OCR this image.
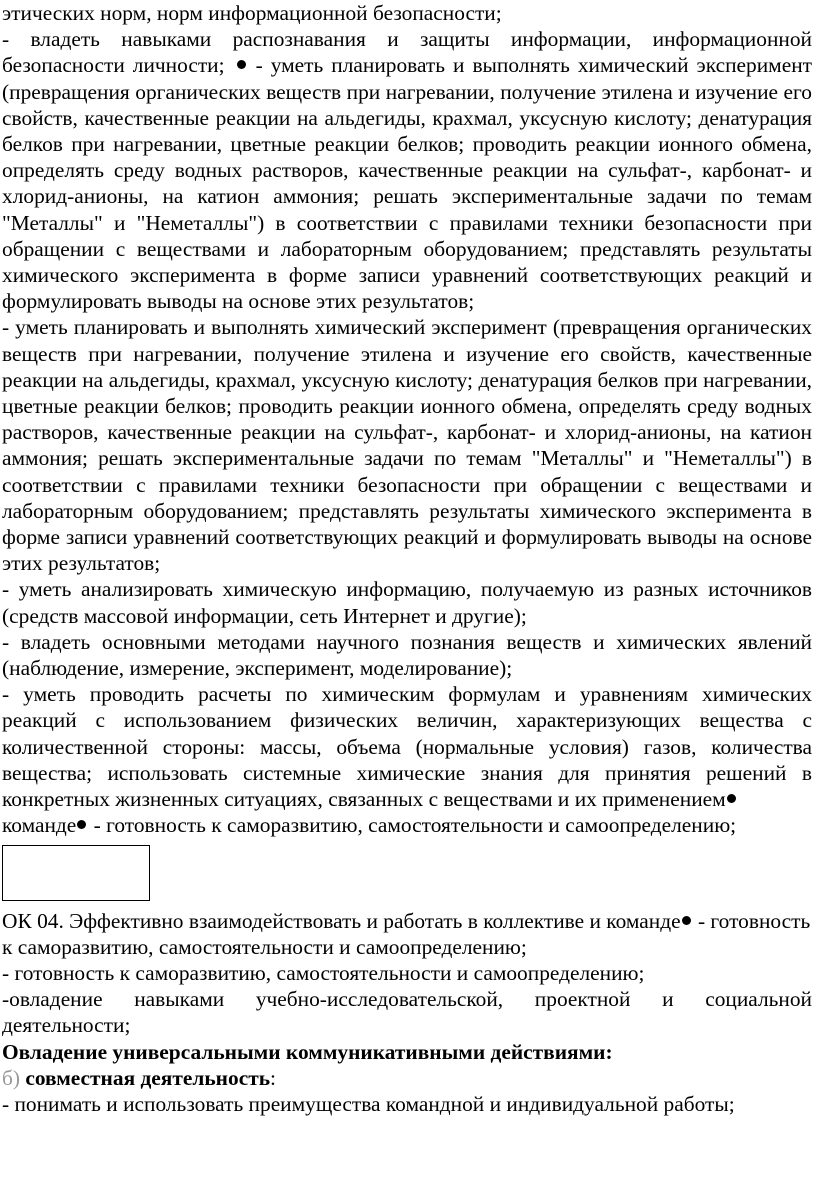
этических норм, норм информационной безопасности;

- владеть навыками распознавания и защиты информации, информационной безопасности личности;  - уметь планировать и выполнять химический эксперимент (превращения органических веществ при нагревании, получение этилена и изучение его свойств, качественные реакции на альдегиды, крахмал, уксусную кислоту; денатурация белков при нагревании, цветные реакции белков; проводить реакции ионного обмена, определять среду водных растворов, качественные реакции на сульфат-, карбонат- и хлорид-анионы, на катион аммония; решать экспериментальные задачи по темам "Металлы" и "Неметаллы") в соответствии с правилами техники безопасности при обращении с веществами и лабораторным оборудованием; представлять результаты химического эксперимента в форме записи уравнений соответствующих реакций и формулировать выводы на основе этих результатов;

- уметь планировать и выполнять химический эксперимент (превращения органических веществ при нагревании, получение этилена и изучение его свойств, качественные реакции на альдегиды, крахмал, уксусную кислоту; денатурация белков при нагревании, цветные реакции белков; проводить реакции ионного обмена, определять среду водных растворов, качественные реакции на сульфат-, карбонат- и хлорид-анионы, на катион аммония; решать экспериментальные задачи по темам "Металлы" и "Неметаллы") в соответствии с правилами техники безопасности при обращении с веществами и лабораторным оборудованием; представлять результаты химического эксперимента в форме записи уравнений соответствующих реакций и формулировать выводы на основе этих результатов;

- уметь анализировать химическую информацию, получаемую из разных источников (средств массовой информации, сеть Интернет и другие);

- владеть основными методами научного познания веществ и химических явлений (наблюдение, измерение, эксперимент, моделирование);

- уметь проводить расчеты по химическим формулам и уравнениям химических реакций с использованием физических величин, характеризующих вещества с количественной стороны: массы, объема (нормальные условия) газов, количества вещества; использовать системные химические знания для принятия решений в конкретных жизненных ситуациях, связанных с веществами и их применением

команде - готовность к саморазвитию, самостоятельности и самоопределению;

ОК 04. Эффективно взаимодействовать и работать в коллективе и команде - готовность к саморазвитию, самостоятельности и самоопределению;

- готовность к саморазвитию, самостоятельности и самоопределению;

-овладение навыками учебно-исследовательской, проектной и социальной деятельности;

Овладение универсальными коммуникативными действиями:

б) совместная деятельность:

- понимать и использовать преимущества командной и индивидуальной работы;
